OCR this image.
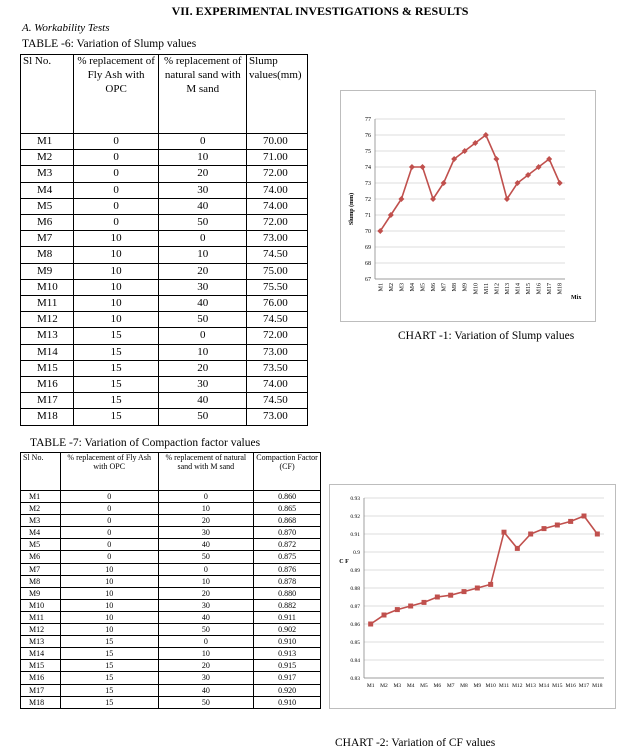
VII. EXPERIMENTAL INVESTIGATIONS & RESULTS
A. Workability Tests
TABLE -6: Variation of Slump values
Sl No.	% replacement of Fly Ash with OPC	% replacement of natural sand with M sand	Slump values(mm)
M1	0	0	70.00
M2	0	10	71.00
M3	0	20	72.00
M4	0	30	74.00
M5	0	40	74.00
M6	0	50	72.00
M7	10	0	73.00
M8	10	10	74.50
M9	10	20	75.00
M10	10	30	75.50
M11	10	40	76.00
M12	10	50	74.50
M13	15	0	72.00
M14	15	10	73.00
M15	15	20	73.50
M16	15	30	74.00
M17	15	40	74.50
M18	15	50	73.00
67
68
69
70
71
72
73
74
75
76
77
M1 M2 M3 M4 M5 M6 M7 M8 M9 M10 M11 M12 M13 M14 M15 M16 M17 M18
Slump (mm)
Mix
CHART -1: Variation of Slump values
TABLE -7: Variation of Compaction factor values
Sl No.	% replacement of Fly Ash with OPC	% replacement of natural sand with M sand	Compaction Factor (CF)
M1	0	0	0.860
M2	0	10	0.865
M3	0	20	0.868
M4	0	30	0.870
M5	0	40	0.872
M6	0	50	0.875
M7	10	0	0.876
M8	10	10	0.878
M9	10	20	0.880
M10	10	30	0.882
M11	10	40	0.911
M12	10	50	0.902
M13	15	0	0.910
M14	15	10	0.913
M15	15	20	0.915
M16	15	30	0.917
M17	15	40	0.920
M18	15	50	0.910
0.83
0.84
0.85
0.86
0.87
0.88
0.89
0.9
0.91
0.92
0.93
M1 M2 M3 M4 M5 M6 M7 M8 M9 M10 M11 M12 M13 M14 M15 M16 M17 M18
C F
CHART -2: Variation of CF values
